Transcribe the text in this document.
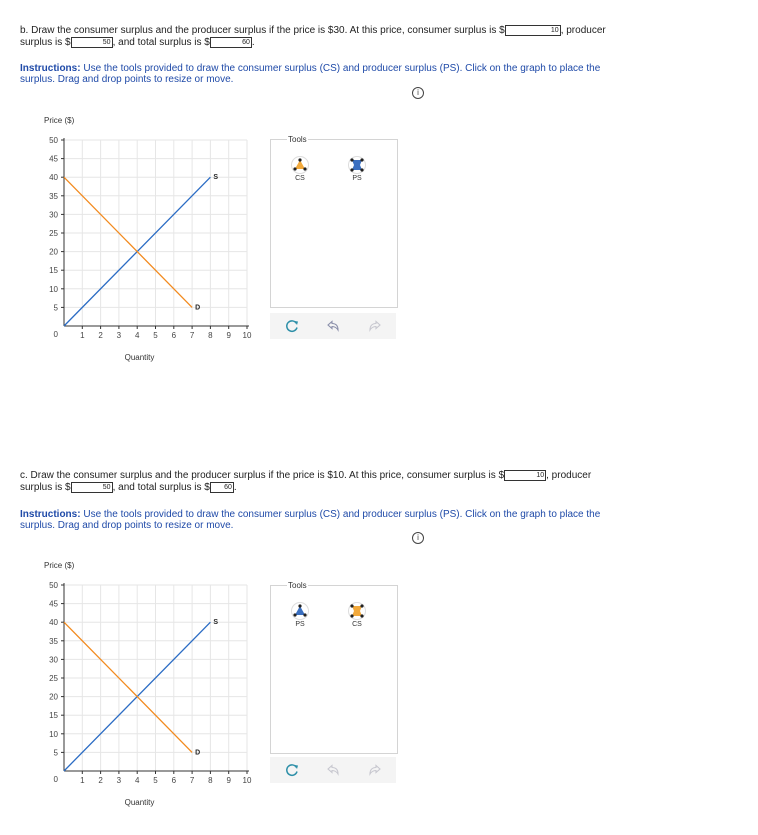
b. Draw the consumer surplus and the producer surplus if the price is $30. At this price, consumer surplus is $	10 , producer
surplus is $	50 , and total surplus is $	60 .
Instructions: Use the tools provided to draw the consumer surplus (CS) and producer surplus (PS). Click on the graph to place the surplus. Drag and drop points to resize or move.
i
Price ($)
5
10
15
20
25
30
35
40
45
50
0	1 2 3 4 5 6 7 8 9 10
Quantity
S
D
Tools
CS	PS
c. Draw the consumer surplus and the producer surplus if the price is $10. At this price, consumer surplus is $	10 , producer
surplus is $	50 , and total surplus is $ 60 .
Instructions: Use the tools provided to draw the consumer surplus (CS) and producer surplus (PS). Click on the graph to place the surplus. Drag and drop points to resize or move.
i
Price ($)
5
10
15
20
25
30
35
40
45
50
0	1 2 3 4 5 6 7 8 9 10
Quantity
S
D
Tools
PS	CS
